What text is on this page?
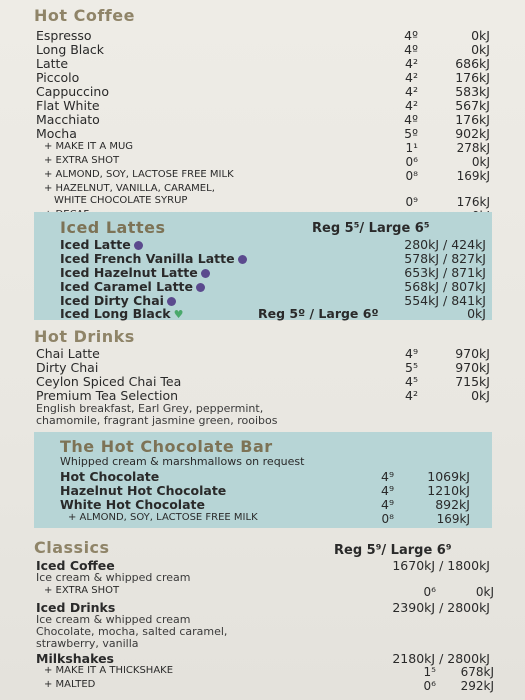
Hot Coffee
Espresso	4º	0kJ
Long Black	4º	0kJ
Latte	4²	686kJ
Piccolo	4²	176kJ
Cappuccino	4²	583kJ
Flat White	4²	567kJ
Macchiato	4º	176kJ
Mocha	5º	902kJ
+ MAKE IT A MUG	1¹	278kJ
+ EXTRA SHOT	0⁶	0kJ
+ ALMOND, SOY, LACTOSE FREE MILK	0⁸	169kJ
+ HAZELNUT, VANILLA, CARAMEL,
WHITE CHOCOLATE SYRUP	0⁹	176kJ
Iced Lattes	Reg 5⁵/ Large 6⁵
Iced Latte	280kJ / 424kJ
Iced French Vanilla Latte	578kJ / 827kJ
Iced Hazelnut Latte	653kJ / 871kJ
Iced Caramel Latte	568kJ / 807kJ
Iced Dirty Chai	554kJ / 841kJ
Iced Long Black ♥	Reg 5º / Large 6º	0kJ
Hot Drinks
Chai Latte	4⁹	970kJ
Dirty Chai	5⁵	970kJ
Ceylon Spiced Chai Tea	4⁵	715kJ
Premium Tea Selection	4²	0kJ
English breakfast, Earl Grey, peppermint,
chamomile, fragrant jasmine green, rooibos
The Hot Chocolate Bar
Whipped cream & marshmallows on request
Hot Chocolate	4⁹	1069kJ
Hazelnut Hot Chocolate	4⁹	1210kJ
White Hot Chocolate	4⁹	892kJ
+ ALMOND, SOY, LACTOSE FREE MILK	0⁸	169kJ
Classics	Reg 5⁹/ Large 6⁹
Iced Coffee	1670kJ / 1800kJ
Ice cream & whipped cream
+ EXTRA SHOT	0⁶	0kJ
Iced Drinks	2390kJ / 2800kJ
Ice cream & whipped cream
Chocolate, mocha, salted caramel,
strawberry, vanilla
Milkshakes	2180kJ / 2800kJ
+ MAKE IT A THICKSHAKE	1⁵	678kJ
+ MALTED	0⁶	292kJ
